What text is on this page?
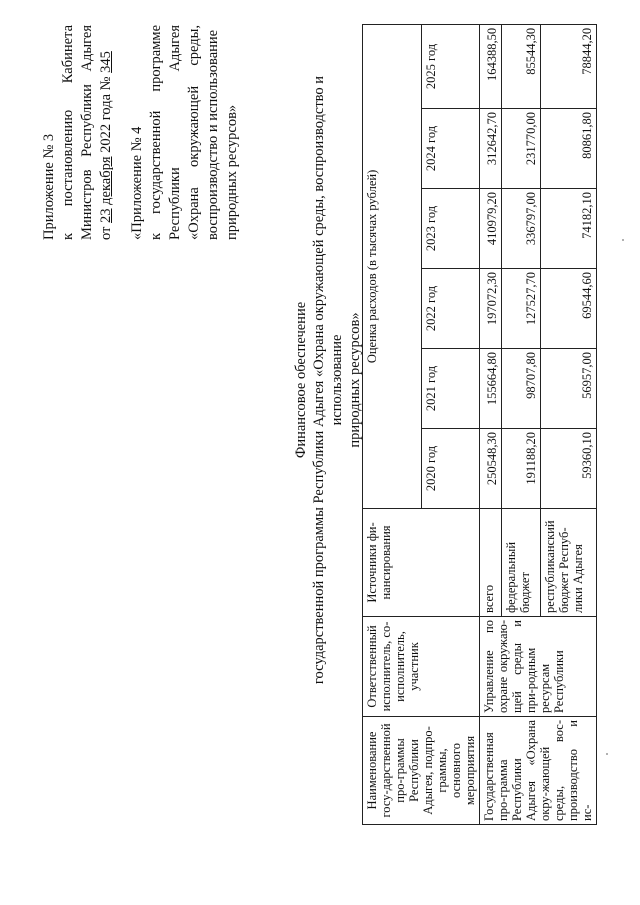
Приложение № 3 к постановлению Кабинета
Министров Республики Адыгея
от 23 декабря 2022 года № 345
«Приложение № 4 к государственной программе
Республики Адыгея
«Охрана окружающей среды, воспроизводство и использование природных ресурсов»
Финансовое обеспечение государственной программы Республики Адыгея «Охрана окружающей среды, воспроизводство и использование природных ресурсов»
Наименование госу-дарственной про-граммы Республики Адыгея, подпро-граммы, основного мероприятия	Ответственный исполнитель, со-исполнитель, участник	Источники фи-нансирования	Оценка расходов (в тысячах рублей)					
			2020 год	2021 год	2022 год	2023 год	2024 год	2025 год
Государственная про-грамма Республики Адыгея «Охрана окру-жающей среды, вос-производство и ис-	Управление по охране окружаю-щей среды и при-родным ресурсам Республики	всего	250548,30	155664,80	197072,30	410979,20	312642,70	164388,50
		федеральный бюджет	191188,20	98707,80	127527,70	336797,00	231770,00	85544,30
		республиканский бюджет Респуб-лики Адыгея	59360,10	56957,00	69544,60	74182,10	80861,80	78844,20
